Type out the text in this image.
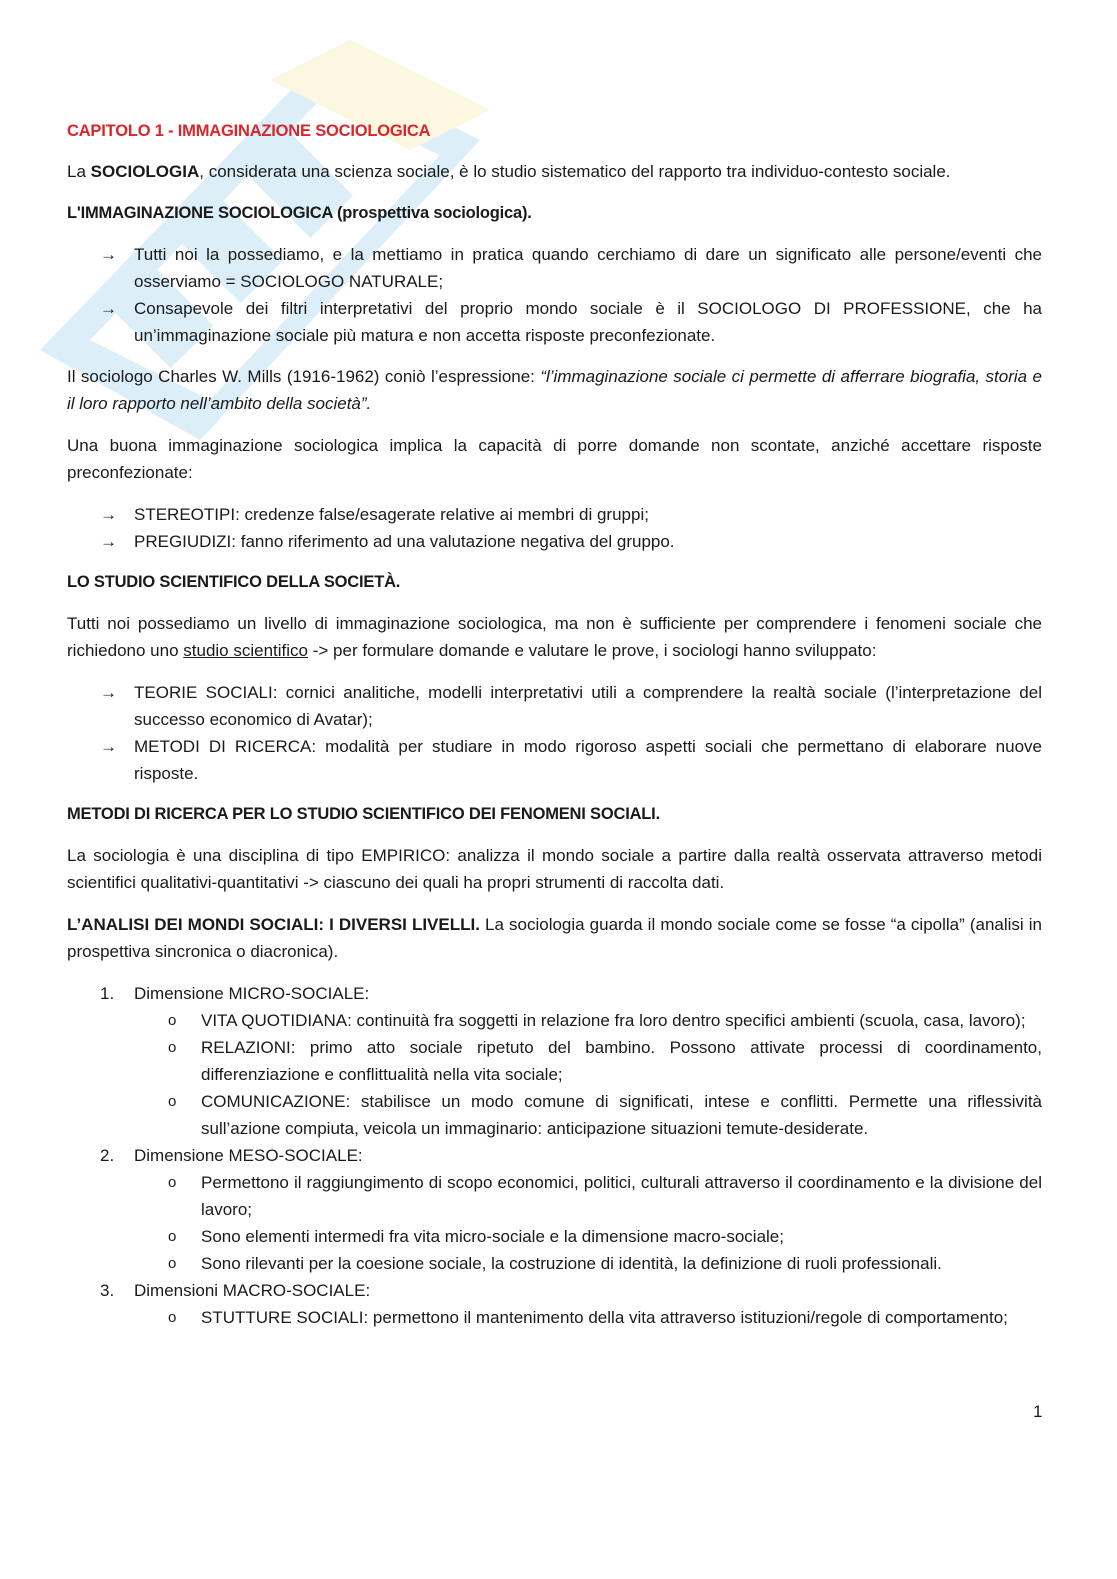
CAPITOLO 1 - IMMAGINAZIONE SOCIOLOGICA

La SOCIOLOGIA, considerata una scienza sociale, è lo studio sistematico del rapporto tra individuo-contesto sociale.

L'IMMAGINAZIONE SOCIOLOGICA (prospettiva sociologica).

→ Tutti noi la possediamo, e la mettiamo in pratica quando cerchiamo di dare un significato alle persone/eventi che osserviamo = SOCIOLOGO NATURALE;
→ Consapevole dei filtri interpretativi del proprio mondo sociale è il SOCIOLOGO DI PROFESSIONE, che ha un’immaginazione sociale più matura e non accetta risposte preconfezionate.

Il sociologo Charles W. Mills (1916-1962) coniò l’espressione: “l’immaginazione sociale ci permette di afferrare biografia, storia e il loro rapporto nell’ambito della società”.

Una buona immaginazione sociologica implica la capacità di porre domande non scontate, anziché accettare risposte preconfezionate:

→ STEREOTIPI: credenze false/esagerate relative ai membri di gruppi;
→ PREGIUDIZI: fanno riferimento ad una valutazione negativa del gruppo.

LO STUDIO SCIENTIFICO DELLA SOCIETÀ.

Tutti noi possediamo un livello di immaginazione sociologica, ma non è sufficiente per comprendere i fenomeni sociale che richiedono uno studio scientifico -> per formulare domande e valutare le prove, i sociologi hanno sviluppato:

→ TEORIE SOCIALI: cornici analitiche, modelli interpretativi utili a comprendere la realtà sociale (l’interpretazione del successo economico di Avatar);
→ METODI DI RICERCA: modalità per studiare in modo rigoroso aspetti sociali che permettano di elaborare nuove risposte.

METODI DI RICERCA PER LO STUDIO SCIENTIFICO DEI FENOMENI SOCIALI.

La sociologia è una disciplina di tipo EMPIRICO: analizza il mondo sociale a partire dalla realtà osservata attraverso metodi scientifici qualitativi-quantitativi -> ciascuno dei quali ha propri strumenti di raccolta dati.

L’ANALISI DEI MONDI SOCIALI: I DIVERSI LIVELLI. La sociologia guarda il mondo sociale come se fosse “a cipolla” (analisi in prospettiva sincronica o diacronica).

1. Dimensione MICRO-SOCIALE:
o VITA QUOTIDIANA: continuità fra soggetti in relazione fra loro dentro specifici ambienti (scuola, casa, lavoro);
o RELAZIONI: primo atto sociale ripetuto del bambino. Possono attivate processi di coordinamento, differenziazione e conflittualità nella vita sociale;
o COMUNICAZIONE: stabilisce un modo comune di significati, intese e conflitti. Permette una riflessività sull’azione compiuta, veicola un immaginario: anticipazione situazioni temute-desiderate.
2. Dimensione MESO-SOCIALE:
o Permettono il raggiungimento di scopo economici, politici, culturali attraverso il coordinamento e la divisione del lavoro;
o Sono elementi intermedi fra vita micro-sociale e la dimensione macro-sociale;
o Sono rilevanti per la coesione sociale, la costruzione di identità, la definizione di ruoli professionali.
3. Dimensioni MACRO-SOCIALE:
o STUTTURE SOCIALI: permettono il mantenimento della vita attraverso istituzioni/regole di comportamento;
1
